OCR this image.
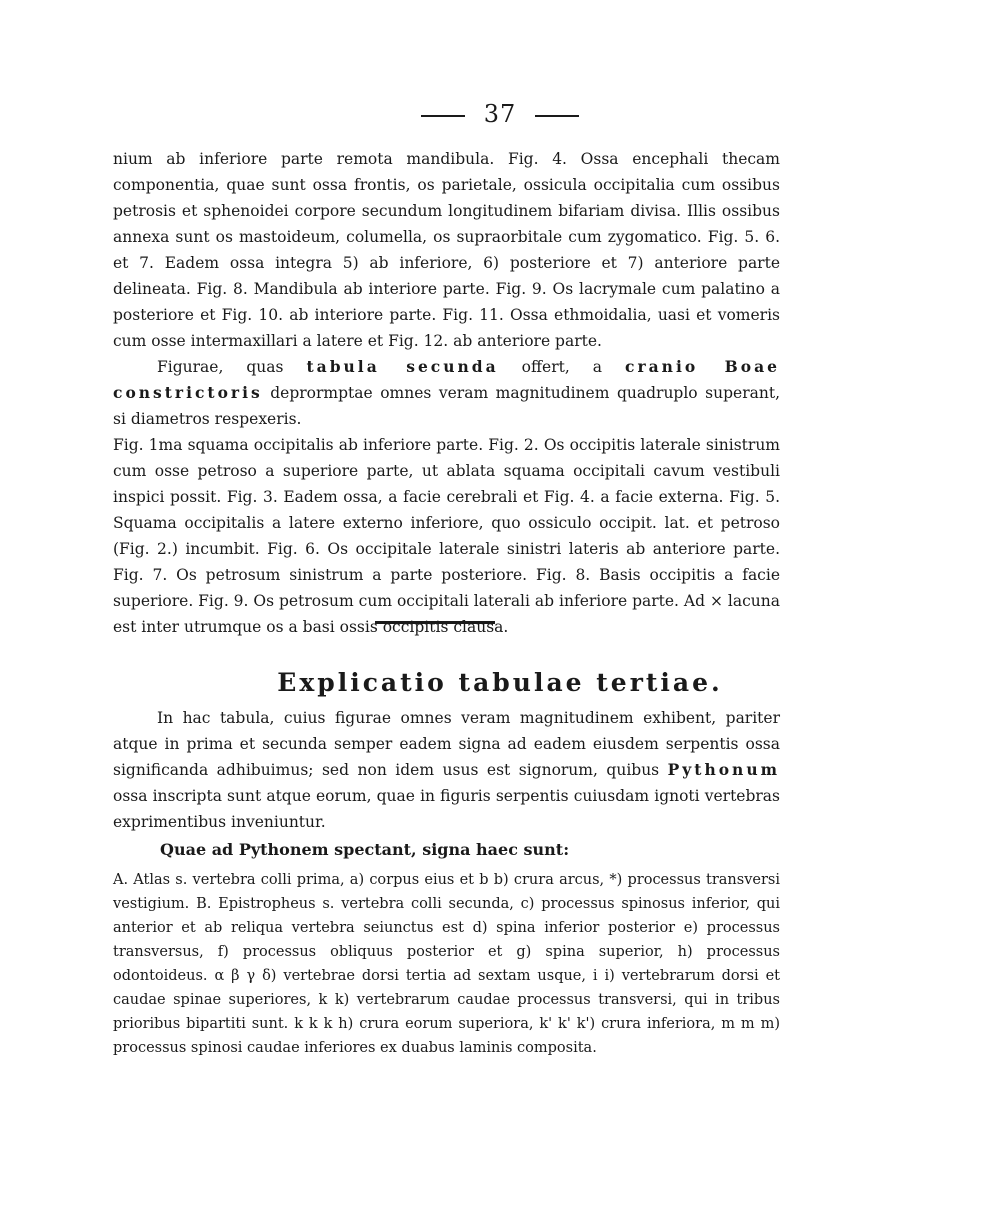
37

nium ab inferiore parte remota mandibula. Fig. 4. Ossa encephali thecam componentia, quae sunt ossa frontis, os parietale, ossicula occipitalia cum ossibus petrosis et sphenoidei corpore secundum longitudinem bifariam divisa. Illis ossibus annexa sunt os mastoideum, columella, os supraorbitale cum zygomatico. Fig. 5. 6. et 7. Eadem ossa integra 5) ab inferiore, 6) posteriore et 7) anteriore parte delineata. Fig. 8. Mandibula ab interiore parte. Fig. 9. Os lacrymale cum palatino a posteriore et Fig. 10. ab interiore parte. Fig. 11. Ossa ethmoidalia, uasi et vomeris cum osse intermaxillari a latere et Fig. 12. ab anteriore parte.

Figurae, quas tabula secunda offert, a cranio Boae constrictoris deprormptae omnes veram magnitudinem quadruplo superant, si diametros respexeris.

Fig. 1ma squama occipitalis ab inferiore parte. Fig. 2. Os occipitis laterale sinistrum cum osse petroso a superiore parte, ut ablata squama occipitali cavum vestibuli inspici possit. Fig. 3. Eadem ossa, a facie cerebrali et Fig. 4. a facie externa. Fig. 5. Squama occipitalis a latere externo inferiore, quo ossiculo occipit. lat. et petroso (Fig. 2.) incumbit. Fig. 6. Os occipitale laterale sinistri lateris ab anteriore parte. Fig. 7. Os petrosum sinistrum a parte posteriore. Fig. 8. Basis occipitis a facie superiore. Fig. 9. Os petrosum cum occipitali laterali ab inferiore parte. Ad × lacuna est inter utrumque os a basi ossis occipitis clausa.

Explicatio tabulae tertiae.

In hac tabula, cuius figurae omnes veram magnitudinem exhibent, pariter atque in prima et secunda semper eadem signa ad eadem eiusdem serpentis ossa significanda adhibuimus; sed non idem usus est signorum, quibus Pythonum ossa inscripta sunt atque eorum, quae in figuris serpentis cuiusdam ignoti vertebras exprimentibus inveniuntur.

Quae ad Pythonem spectant, signa haec sunt:

A. Atlas s. vertebra colli prima, a) corpus eius et b b) crura arcus, *) processus transversi vestigium. B. Epistropheus s. vertebra colli secunda, c) processus spinosus inferior, qui anterior et ab reliqua vertebra seiunctus est d) spina inferior posterior e) processus transversus, f) processus obliquus posterior et g) spina superior, h) processus odontoideus. α β γ δ) vertebrae dorsi tertia ad sextam usque, i i) vertebrarum dorsi et caudae spinae superiores, k k) vertebrarum caudae processus transversi, qui in tribus prioribus bipartiti sunt. k k k h) crura eorum superiora, k' k' k') crura inferiora, m m m) processus spinosi caudae inferiores ex duabus laminis composita.
